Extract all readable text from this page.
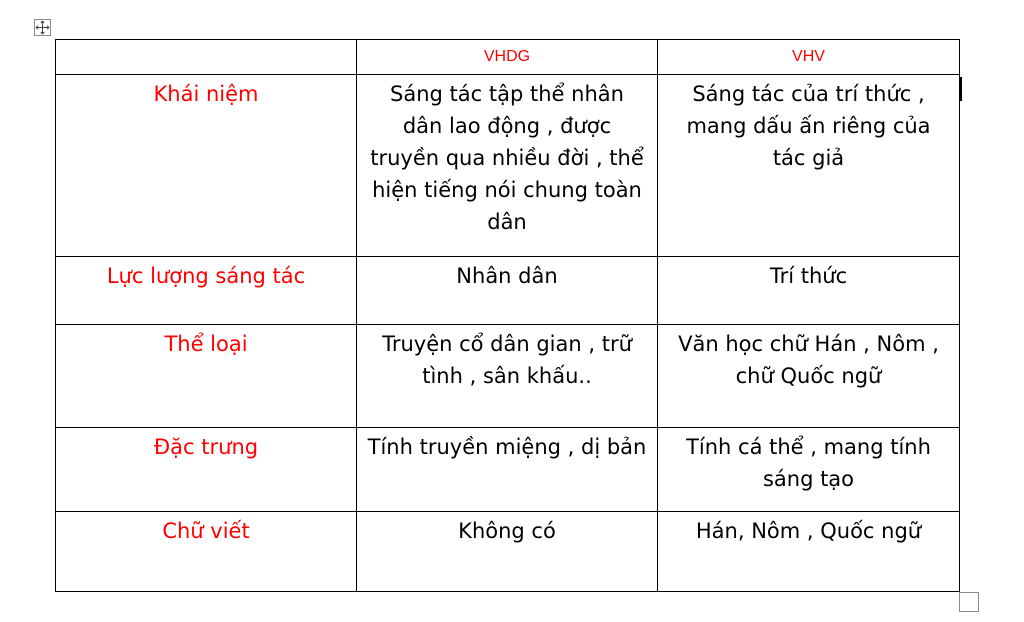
	VHDG	VHV
Khái niệm	Sáng tác tập thể nhân dân lao động , được truyền qua nhiều đời , thể hiện tiếng nói chung toàn dân	Sáng tác của trí thức , mang dấu ấn riêng của tác giả
Lực lượng sáng tác	Nhân dân	Trí thức
Thể loại	Truyện cổ dân gian , trữ tình , sân khấu..	Văn học chữ Hán , Nôm , chữ Quốc ngữ
Đặc trưng	Tính truyền miệng , dị bản	Tính cá thể , mang tính sáng tạo
Chữ viết	Không có	Hán, Nôm , Quốc ngữ
